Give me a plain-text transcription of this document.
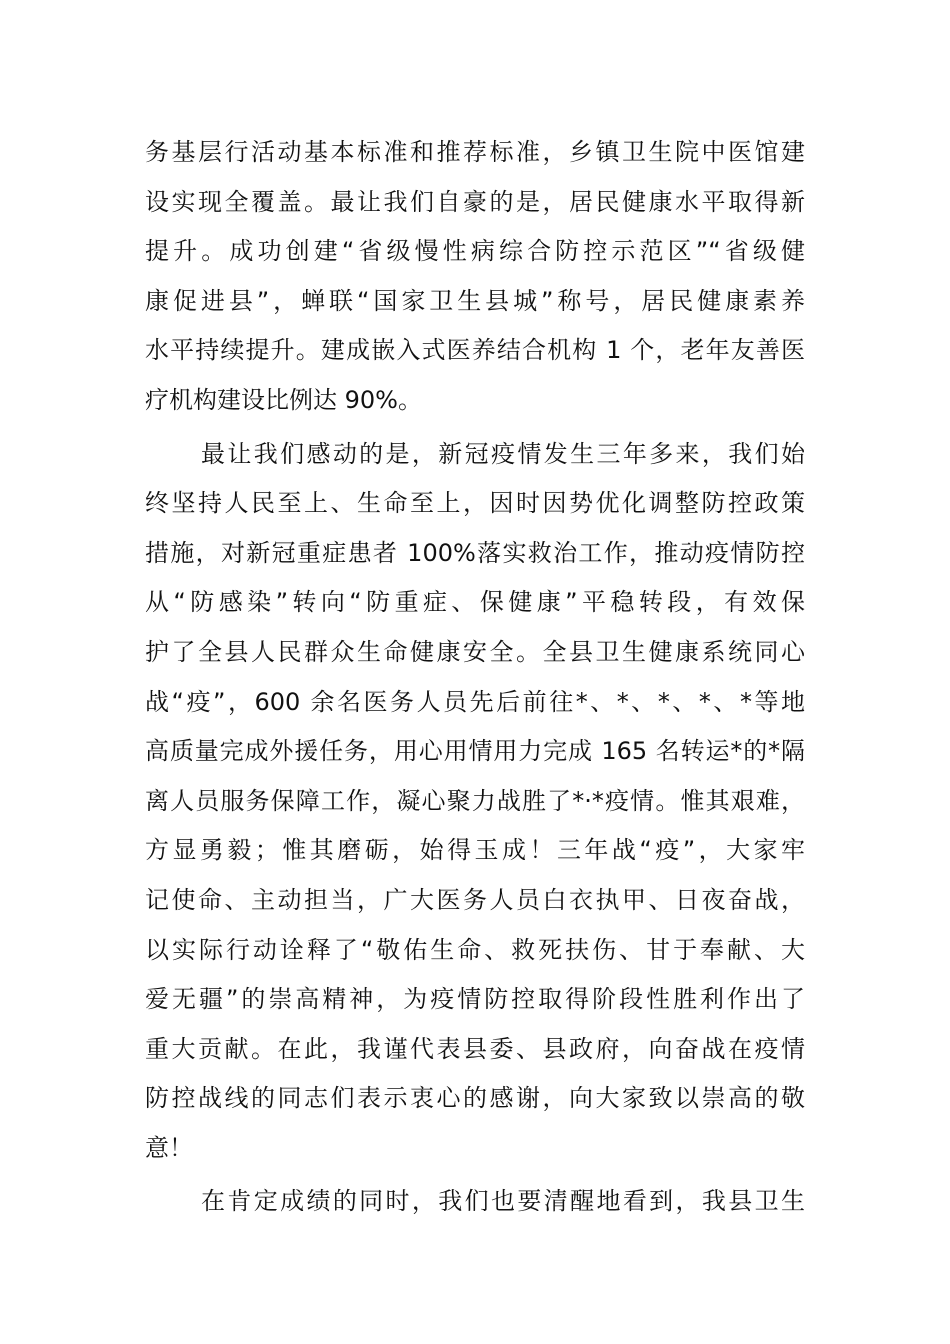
务基层行活动基本标准和推荐标准，乡镇卫生院中医馆建
设实现全覆盖。最让我们自豪的是，居民健康水平取得新
提升。成功创建“省级慢性病综合防控示范区”“省级健
康促进县”，蝉联“国家卫生县城”称号，居民健康素养
水平持续提升。建成嵌入式医养结合机构 1 个，老年友善医
疗机构建设比例达 90%。
最让我们感动的是，新冠疫情发生三年多来，我们始
终坚持人民至上、生命至上，因时因势优化调整防控政策
措施，对新冠重症患者 100%落实救治工作，推动疫情防控
从“防感染”转向“防重症、保健康”平稳转段，有效保
护了全县人民群众生命健康安全。全县卫生健康系统同心
战“疫”，600 余名医务人员先后前往*、*、*、*、*等地
高质量完成外援任务，用心用情用力完成 165 名转运*的*隔
离人员服务保障工作，凝心聚力战胜了*·*疫情。惟其艰难，
方显勇毅；惟其磨砺，始得玉成！三年战“疫”，大家牢
记使命、主动担当，广大医务人员白衣执甲、日夜奋战，
以实际行动诠释了“敬佑生命、救死扶伤、甘于奉献、大
爱无疆”的崇高精神，为疫情防控取得阶段性胜利作出了
重大贡献。在此，我谨代表县委、县政府，向奋战在疫情
防控战线的同志们表示衷心的感谢，向大家致以崇高的敬
意！
在肯定成绩的同时，我们也要清醒地看到，我县卫生
